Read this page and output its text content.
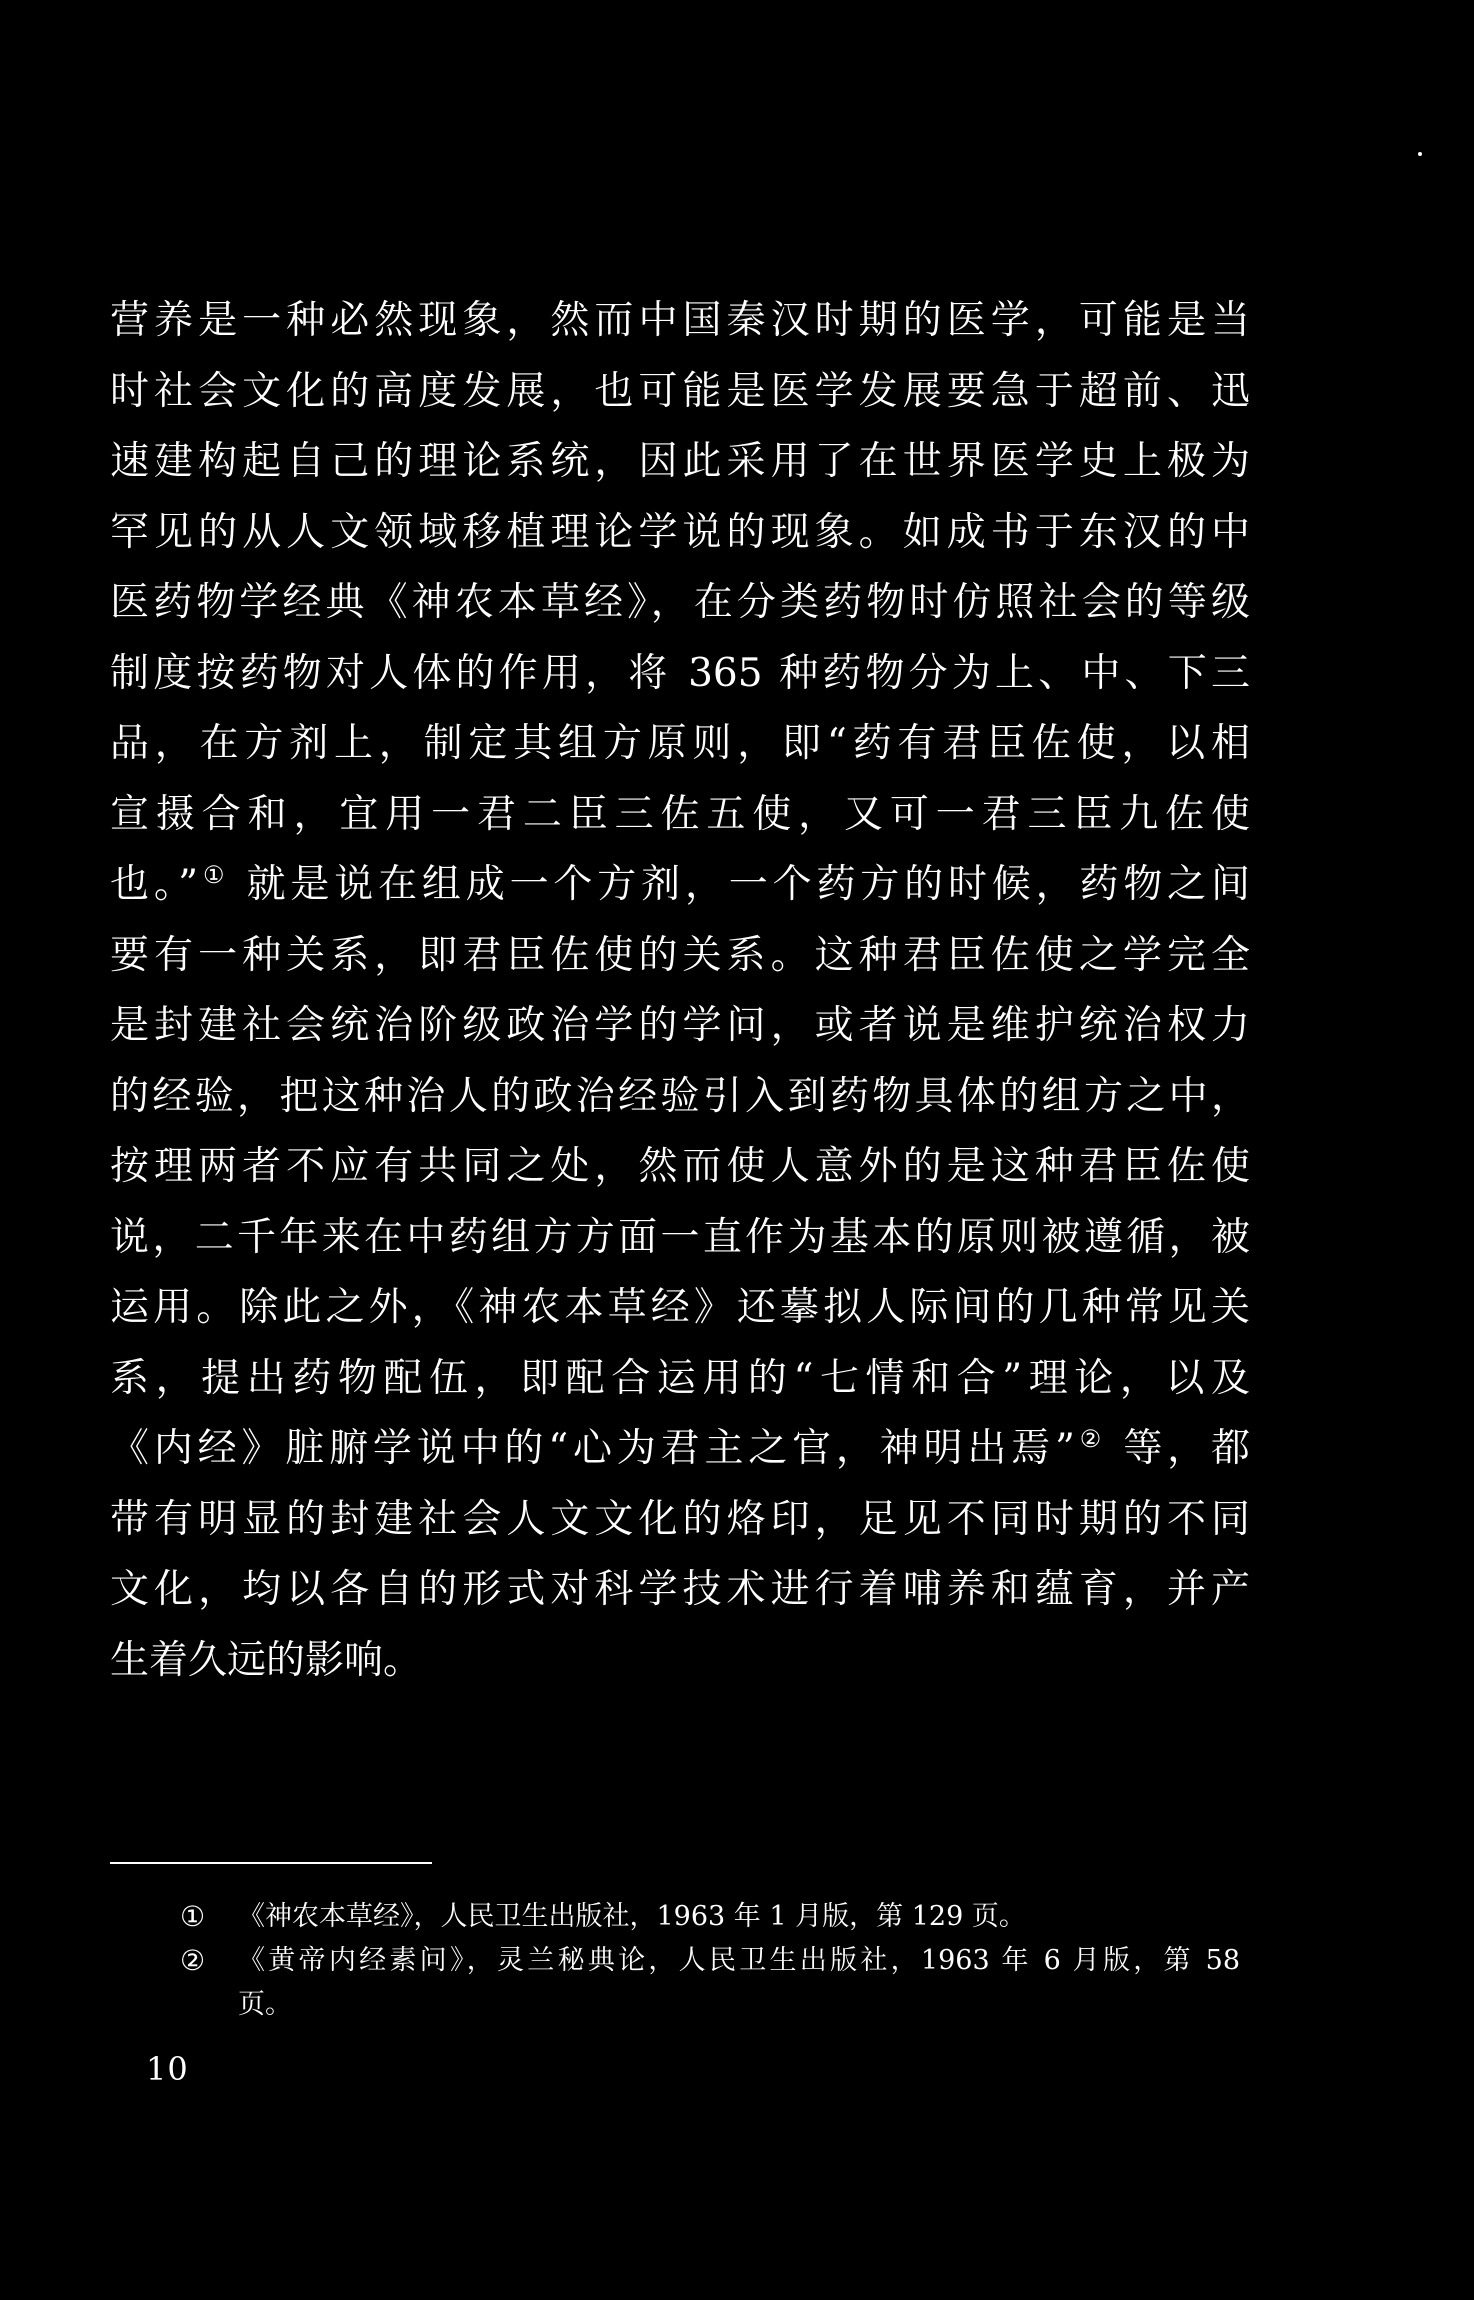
营养是一种必然现象，然而中国秦汉时期的医学，可能是当
时社会文化的高度发展，也可能是医学发展要急于超前、迅
速建构起自己的理论系统，因此采用了在世界医学史上极为
罕见的从人文领域移植理论学说的现象。如成书于东汉的中
医药物学经典《神农本草经》，在分类药物时仿照社会的等级
制度按药物对人体的作用，将 365 种药物分为上、中、下三
品，在方剂上，制定其组方原则，即“药有君臣佐使，以相
宣摄合和，宜用一君二臣三佐五使，又可一君三臣九佐使
也。”① 就是说在组成一个方剂，一个药方的时候，药物之间
要有一种关系，即君臣佐使的关系。这种君臣佐使之学完全
是封建社会统治阶级政治学的学问，或者说是维护统治权力
的经验，把这种治人的政治经验引入到药物具体的组方之中，
按理两者不应有共同之处，然而使人意外的是这种君臣佐使
说，二千年来在中药组方方面一直作为基本的原则被遵循，被
运用。除此之外，《神农本草经》还摹拟人际间的几种常见关
系，提出药物配伍，即配合运用的“七情和合”理论，以及
《内经》脏腑学说中的“心为君主之官，神明出焉”② 等，都
带有明显的封建社会人文文化的烙印，足见不同时期的不同
文化，均以各自的形式对科学技术进行着哺养和蕴育，并产
生着久远的影响。
① 《神农本草经》，人民卫生出版社，1963 年 1 月版，第 129 页。
② 《黄帝内经素问》，灵兰秘典论，人民卫生出版社，1963 年 6 月版，第 58
页。
10
